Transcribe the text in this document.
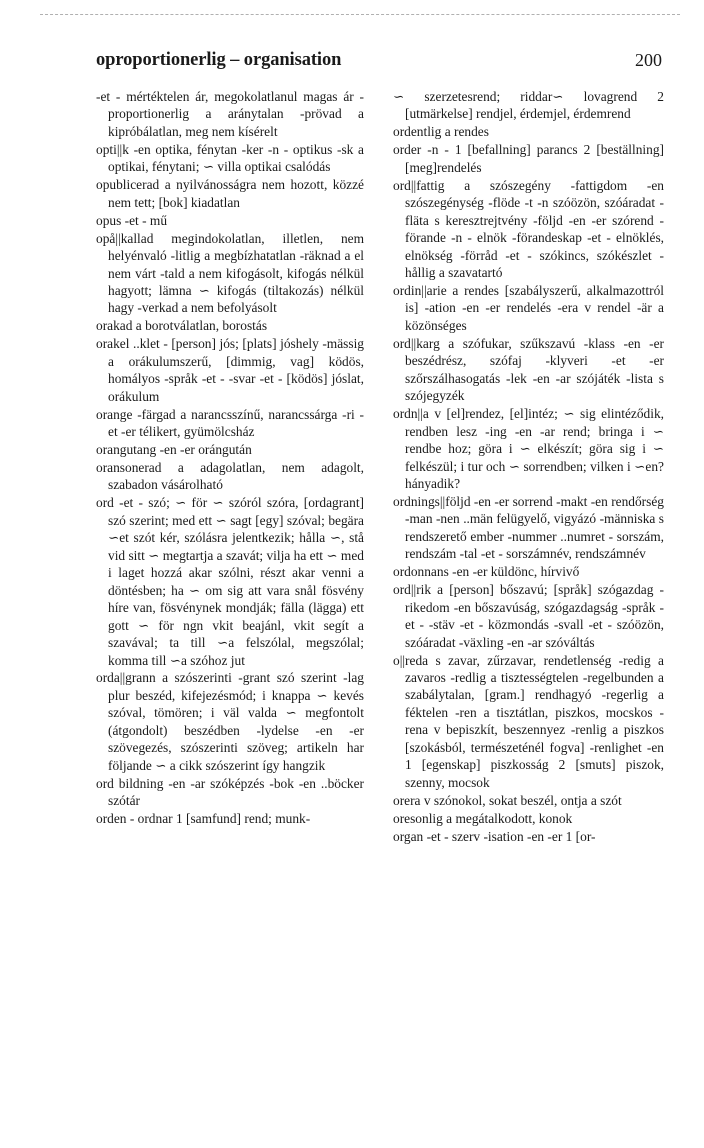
oproportionerlig – organisation	200

-et - mértéktelen ár, megokolatlanul magas ár -proportionerlig a aránytalan -prövad a kipróbálatlan, meg nem kísérelt

opti||k -en optika, fénytan -ker -n - optikus -sk a optikai, fénytani; ∽ villa optikai csalódás

opublicerad a nyilvánosságra nem hozott, közzé nem tett; [bok] kiadatlan

opus -et - mű

opå||kallad megindokolatlan, illetlen, nem helyénvaló -litlig a megbízhatatlan -räknad a el nem várt -tald a nem kifogásolt, kifogás nélkül hagyott; lämna ∽ kifogás (tiltakozás) nélkül hagy -verkad a nem befolyásolt

orakad a borotválatlan, borostás

orakel ..klet - [person] jós; [plats] jóshely -mässig a orákulumszerű, [dimmig, vag] ködös, homályos -språk -et - -svar -et - [ködös] jóslat, orákulum

orange -färgad a narancsszínű, narancssárga -ri -et -er télikert, gyümölcsház

orangutang -en -er orángután

oransonerad a adagolatlan, nem adagolt, szabadon vásárolható

ord -et - szó; ∽ för ∽ szóról szóra, [ordagrant] szó szerint; med ett ∽ sagt [egy] szóval; begära ∽et szót kér, szólásra jelentkezik; hålla ∽, stå vid sitt ∽ megtartja a szavát; vilja ha ett ∽ med i laget hozzá akar szólni, részt akar venni a döntésben; ha ∽ om sig att vara snål fösvény híre van, fösvénynek mondják; fälla (lägga) ett gott ∽ för ngn vkit beajánl, vkit segít a szavával; ta till ∽a felszólal, megszólal; komma till ∽a szóhoz jut

orda||grann a szószerinti -grant szó szerint -lag plur beszéd, kifejezésmód; i knappa ∽ kevés szóval, tömören; i väl valda ∽ megfontolt (átgondolt) beszédben -lydelse -en -er szövegezés, szószerinti szöveg; artikeln har följande ∽ a cikk szószerint így hangzik

ord bildning -en -ar szóképzés -bok -en ..böcker szótár

orden - ordnar 1 [samfund] rend; munk-

∽ szerzetesrend; riddar∽ lovagrend 2 [utmärkelse] rendjel, érdemjel, érdemrend

ordentlig a rendes

order -n - 1 [befallning] parancs 2 [beställning] [meg]rendelés

ord||fattig a szószegény -fattigdom -en szószegénység -flöde -t -n szóözön, szóáradat -fläta s keresztrejtvény -följd -en -er szórend -förande -n - elnök -förandeskap -et - elnöklés, elnökség -förråd -et - szókincs, szókészlet -hållig a szavatartó

ordin||arie a rendes [szabályszerű, alkalmazottról is] -ation -en -er rendelés -era v rendel -är a közönséges

ord||karg a szófukar, szűkszavú -klass -en -er beszédrész, szófaj -klyveri -et -er szőrszálhasogatás -lek -en -ar szójáték -lista s szójegyzék

ordn||a v [el]rendez, [el]intéz; ∽ sig elintéződik, rendben lesz -ing -en -ar rend; bringa i ∽ rendbe hoz; göra i ∽ elkészít; göra sig i ∽ felkészül; i tur och ∽ sorrendben; vilken i ∽en? hányadik?

ordnings||följd -en -er sorrend -makt -en rendőrség -man -nen ..män felügyelő, vigyázó -människa s rendszerető ember -nummer ..numret - sorszám, rendszám -tal -et - sorszámnév, rendszámnév

ordonnans -en -er küldönc, hírvivő

ord||rik a [person] bőszavú; [språk] szógazdag -rikedom -en bőszavúság, szógazdagság -språk -et - -stäv -et - közmondás -svall -et - szóözön, szóáradat -växling -en -ar szóváltás

o||reda s zavar, zűrzavar, rendetlenség -redig a zavaros -redlig a tisztességtelen -regelbunden a szabálytalan, [gram.] rendhagyó -regerlig a féktelen -ren a tisztátlan, piszkos, mocskos -rena v bepiszkít, beszennyez -renlig a piszkos [szokásból, természeténél fogva] -renlighet -en 1 [egenskap] piszkosság 2 [smuts] piszok, szenny, mocsok

orera v szónokol, sokat beszél, ontja a szót

oresonlig a megátalkodott, konok

organ -et - szerv -isation -en -er 1 [or-
